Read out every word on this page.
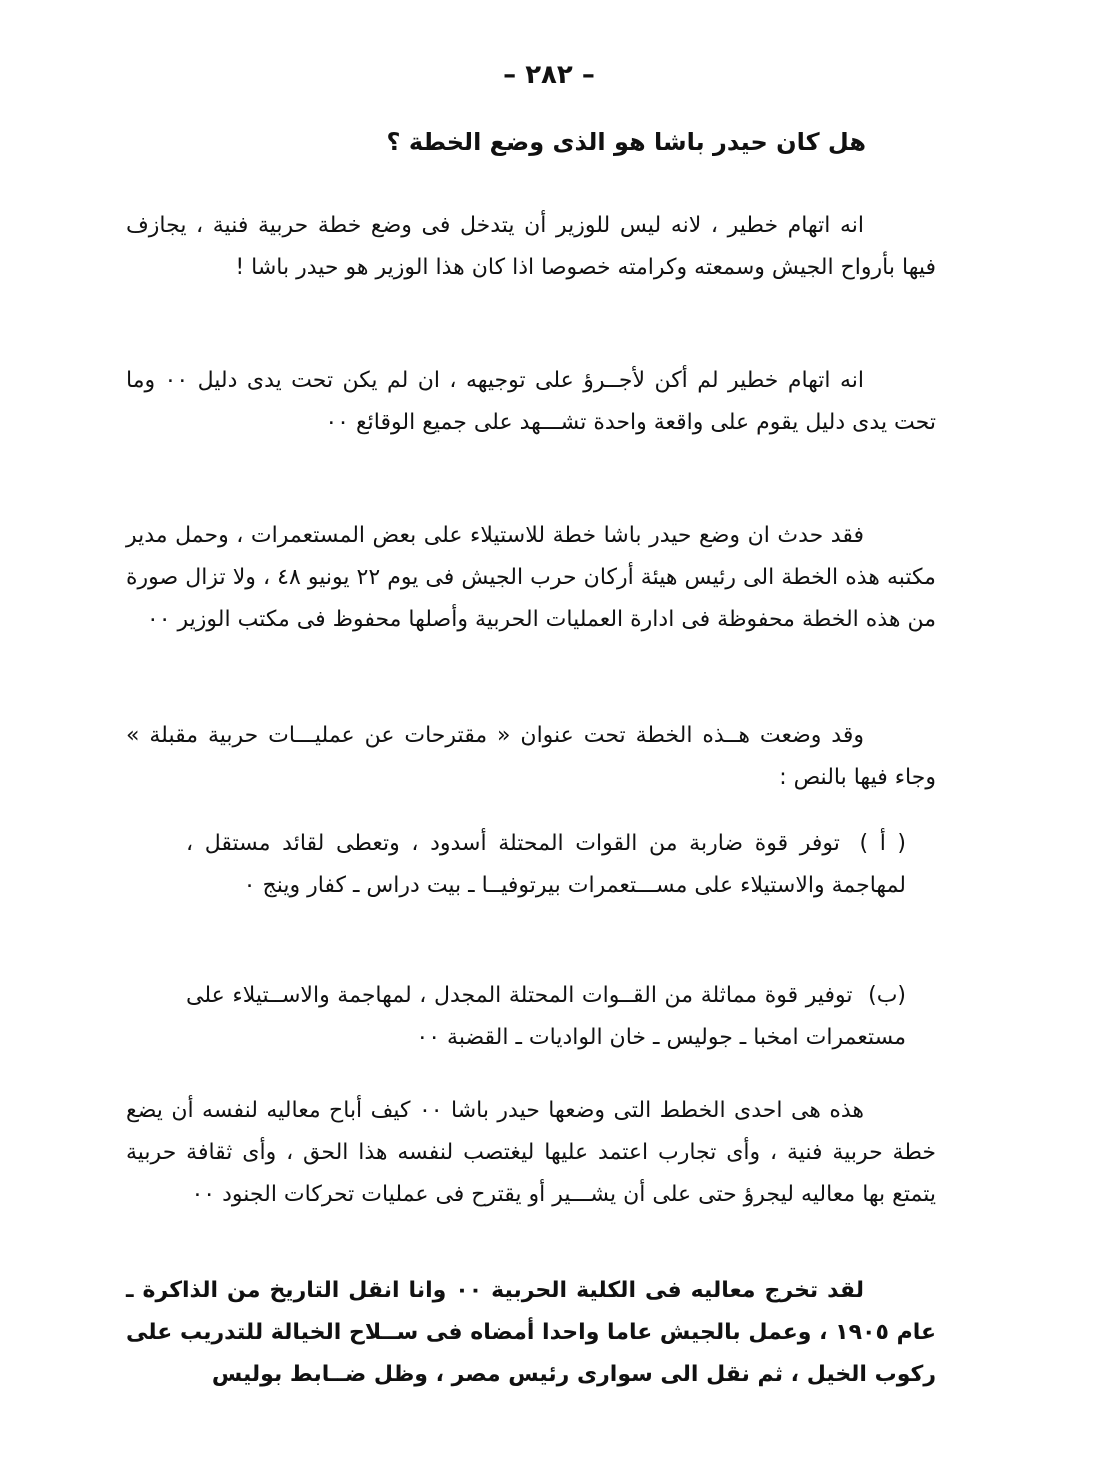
– ٢٨٢ –
هل كان حيدر باشا هو الذى وضع الخطة ؟

انه اتهام خطير ، لانه ليس للوزير أن يتدخل فى وضع خطة حربية فنية ، يجازف فيها بأرواح الجيش وسمعته وكرامته خصوصا اذا كان هذا الوزير هو حيدر باشا !

انه اتهام خطير لم أكن لأجــرؤ على توجيهه ، ان لم يكن تحت يدى دليل ٠٠ وما تحت يدى دليل يقوم على واقعة واحدة تشـــهد على جميع الوقائع ٠٠

فقد حدث ان وضع حيدر باشا خطة للاستيلاء على بعض المستعمرات ، وحمل مدير مكتبه هذه الخطة الى رئيس هيئة أركان حرب الجيش فى يوم ٢٢ يونيو ٤٨ ، ولا تزال صورة من هذه الخطة محفوظة فى ادارة العمليات الحربية وأصلها محفوظ فى مكتب الوزير ٠٠

وقد وضعت هــذه الخطة تحت عنوان « مقترحات عن عمليـــات حربية مقبلة » وجاء فيها بالنص :

( أ ) توفر قوة ضاربة من القوات المحتلة أسدود ، وتعطى لقائد مستقل ، لمهاجمة والاستيلاء على مســـتعمرات بيرتوفيــا ـ بيت دراس ـ كفار وينج ٠
(ب) توفير قوة مماثلة من القــوات المحتلة المجدل ، لمهاجمة والاســتيلاء على مستعمرات امخبا ـ جوليس ـ خان الواديات ـ القضبة ٠٠

هذه هى احدى الخطط التى وضعها حيدر باشا ٠٠ كيف أباح معاليه لنفسه أن يضع خطة حربية فنية ، وأى تجارب اعتمد عليها ليغتصب لنفسه هذا الحق ، وأى ثقافة حربية يتمتع بها معاليه ليجرؤ حتى على أن يشـــير أو يقترح فى عمليات تحركات الجنود ٠٠

لقد تخرج معاليه فى الكلية الحربية ٠٠ وانا انقل التاريخ من الذاكرة ـ عام ١٩٠٥ ، وعمل بالجيش عاما واحدا أمضاه فى ســلاح الخيالة للتدريب على ركوب الخيل ، ثم نقل الى سوارى رئيس مصر ، وظل ضــابط بوليس
